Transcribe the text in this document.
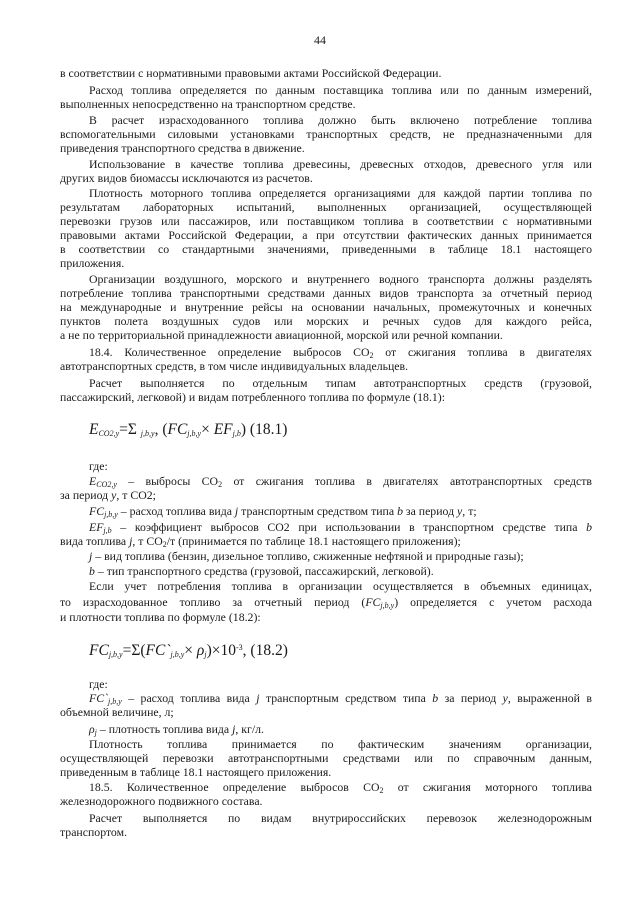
44
в соответствии с нормативными правовыми актами Российской Федерации.
Расход топлива определяется по данным поставщика топлива или по данным измерений,
выполненных непосредственно на транспортном средстве.
В расчет израсходованного топлива должно быть включено потребление топлива
вспомогательными силовыми установками транспортных средств, не предназначенными для
приведения транспортного средства в движение.
Использование в качестве топлива древесины, древесных отходов, древесного угля или
других видов биомассы исключаются из расчетов.
Плотность моторного топлива определяется организациями для каждой партии топлива по
результатам лабораторных испытаний, выполненных организацией, осуществляющей
перевозки грузов или пассажиров, или поставщиком топлива в соответствии с нормативными
правовыми актами Российской Федерации, а при отсутствии фактических данных принимается
в соответствии со стандартными значениями, приведенными в таблице 18.1 настоящего
приложения.
Организации воздушного, морского и внутреннего водного транспорта должны разделять
потребление топлива транспортными средствами данных видов транспорта за отчетный период
на международные и внутренние рейсы на основании начальных, промежуточных и конечных
пунктов полета воздушных судов или морских и речных судов для каждого рейса,
а не по территориальной принадлежности авиационной, морской или речной компании.
18.4. Количественное определение выбросов $CO_2$ от сжигания топлива в двигателях
автотранспортных средств, в том числе индивидуальных владельцев.
Расчет выполняется по отдельным типам автотранспортных средств (грузовой,
пассажирский, легковой) и видам потребленного топлива по формуле (18.1):
$E_{CO2,y}=\Sigma$ $_{j,b,y}$, $(FC_{j,b,y}\times EF_{j,b})$ (18.1)
где:
$E_{CO2,y}$ – выбросы $CO_2$ от сжигания топлива в двигателях автотранспортных средств
за период у, т CO2;
$FC_{j,b,y}$ – расход топлива вида j транспортным средством типа b за период y, т;
$EF_{j,b}$ – коэффициент выбросов CO2 при использовании в транспортном средстве типа b
вида топлива j, т $CO_2/т$ (принимается по таблице 18.1 настоящего приложения);
j – вид топлива (бензин, дизельное топливо, сжиженные нефтяной и природные газы);
b – тип транспортного средства (грузовой, пассажирский, легковой).
Если учет потребления топлива в организации осуществляется в объемных единицах,
то израсходованное топливо за отчетный период $(FC_{j,b,y})$ определяется с учетом расхода
и плотности топлива по формуле (18.2):
$FC_{j,b,y}=\Sigma(FC`_{j,b,y}\times \rho_j)\times 10^{-3}$, (18.2)
где:
$FC`_{j,b,y}$ – расход топлива вида j транспортным средством типа b за период у, выраженной в
объемной величине, л;
$\rho_j$ – плотность топлива вида j, кг/л.
Плотность топлива принимается по фактическим значениям организации,
осуществляющей перевозки автотранспортными средствами или по справочным данным,
приведенным в таблице 18.1 настоящего приложения.
18.5. Количественное определение выбросов $CO_2$ от сжигания моторного топлива
железнодорожного подвижного состава.
Расчет выполняется по видам внутрироссийских перевозок железнодорожным
транспортом.
